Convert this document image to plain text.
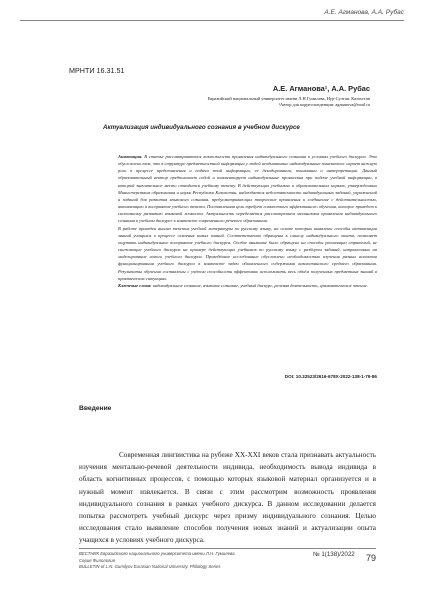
А.Е. Агманова, А.А. Рубас
МРНТИ 16.31.51

А.Е. Агманова¹, А.А. Рубас

Евразийский национальный университет имени Л.Н.Гумилева, Нур-Султан, Казахстан

¹Автор для корреспонденции: agmanova@mail.ru

Актуализация индивидуального сознания в учебном дискурсе

Аннотация. В статье рассматриваются возможности проявления индивидуального сознания в условиях учебного дискурса. Это обусловлено тем, что в структуре предметностной информации у людей неодинаковые индивидуальные показатели: играет важную роль в процессе представления и подачи этой информации, ее декодировании, понимании и интерпретации. Данный образовательный вектор предполагает собой и комментирует индивидуальные проявления при подаче учебной информации, в которой значительное место отводится учебному тексту. В действующих учебниках и образовательных нормах, утвержденных Министерством образования и науки Республики Казахстан, наблюдается недостаточность индивидуальных заданий, упражнений и заданий для развития языкового сознания, предусматривающих творческие проявления и соединение с действительностью, активизацию и восприятие учебного текста. Поставленная цель требует совместного эффективного обучения, которое приведет к системному развитию языковой личности. Актуальность определяется рассмотрением механизмов проявления индивидуального сознания в учебном дискурсе в контексте современного речевого образования.

В работе приведен анализ текстов учебной литературы по русскому языку, на основе которых выявлены способы активизации знаний учащихся в процессе освоения новых знаний. Соответственно обращены к смыслу индивидуального опыта, позволяет ощутить индивидуальное восприятие учебного дискурса. Особое внимание было обращено на способы реализации стратегий, не снижающие учебного дискурса на примере действующих учебников по русскому языку с разбором заданий, направленных на моделирование нового учебного дискурса. Проведённое исследование обусловлено необходимостью изучения разных аспектов функционирования учебного дискурса в контексте задач обновленного содержания казахстанского среднего образования. Результаты обучения составлены с учётом способности эффективно использовать весь объём полученных предметных знаний в практических ситуациях.

Ключевые слова: индивидуальное сознание, языковое сознание, учебный дискурс, речевая деятельность, грамматическое чтение.

DOI: 10.32523/2616-678X-2022-138-1-79-86
Введение

Современная лингвистика на рубеже XX-XXI веков стала признавать актуальность изучения ментально-речевой деятельности индивида, необходимость вывода индивида в область когнитивных процессов, с помощью которых языковой материал организуется и в нужный момент извлекается. В связи с этим рассмотрим возможность проявления индивидуального сознания в рамках учебного дискурса. В данном исследовании делается попытка рассмотреть учебный дискурс через призму индивидуального сознания. Целью исследования стало выявление способов получения новых знаний и актуализации опыта учащихся в условиях учебного дискурса.

ВЕСТНИК Евразийского национального университета имени Л.Н. Гумилева.
Серия Филология
BULLETIN of L.N. Gumilyov Eurasian National University. Philology Series
№ 1(138)/2022 79
